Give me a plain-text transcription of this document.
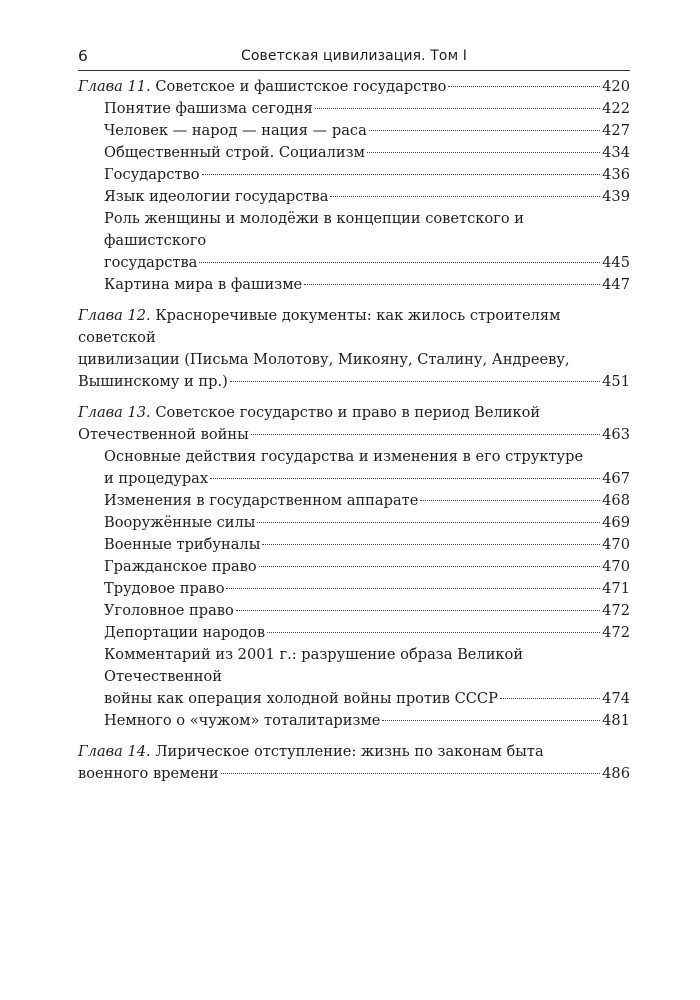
6	Советская цивилизация. Том I
Глава 11. Советское и фашистское государство	420
Понятие фашизма сегодня	422
Человек — народ — нация — раса	427
Общественный строй. Социализм	434
Государство	436
Язык идеологии государства	439
Роль женщины и молодёжи в концепции советского и фашистского
государства	445
Картина мира в фашизме	447
Глава 12. Красноречивые документы: как жилось строителям советской
цивилизации (Письма Молотову, Микояну, Сталину, Андрееву,
Вышинскому и пр.)	451
Глава 13. Советское государство и право в период Великой
Отечественной войны	463
Основные действия государства и изменения в его структуре
и процедурах	467
Изменения в государственном аппарате	468
Вооружённые силы	469
Военные трибуналы	470
Гражданское право	470
Трудовое право	471
Уголовное право	472
Депортации народов	472
Комментарий из 2001 г.: разрушение образа Великой Отечественной
войны как операция холодной войны против СССР	474
Немного о «чужом» тоталитаризме	481
Глава 14. Лирическое отступление: жизнь по законам быта
военного времени	486
